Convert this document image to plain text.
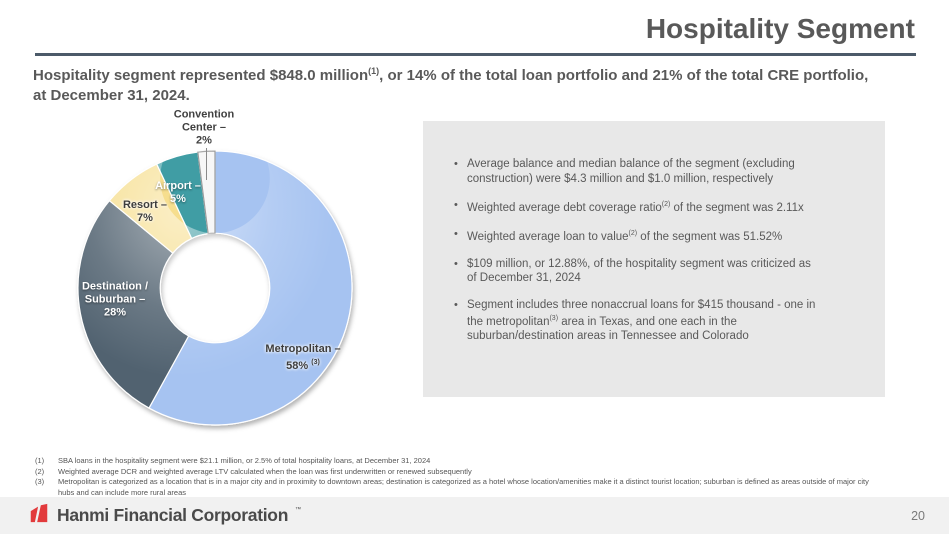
Hospitality Segment
Hospitality segment represented $848.0 million$^{(1)}$, or 14% of the total loan portfolio and 21% of the total CRE portfolio,
at December 31, 2024.
Convention
Center –
2%
Airport –
5%
Resort –
7%
Destination /
Suburban –
28%
Metropolitan –
58% $^{(3)}$
• Average balance and median balance of the segment (excluding
construction) were $4.3 million and $1.0 million, respectively
• Weighted average debt coverage ratio$^{(2)}$ of the segment was 2.11x
• Weighted average loan to value$^{(2)}$ of the segment was 51.52%
• $109 million, or 12.88%, of the hospitality segment was criticized as
of December 31, 2024
• Segment includes three nonaccrual loans for $415 thousand - one in
the metropolitan$^{(3)}$ area in Texas, and one each in the
suburban/destination areas in Tennessee and Colorado
(1)	SBA loans in the hospitality segment were $21.1 million, or 2.5% of total hospitality loans, at December 31, 2024
(2)	Weighted average DCR and weighted average LTV calculated when the loan was first underwritten or renewed subsequently
(3)	Metropolitan is categorized as a location that is in a major city and in proximity to downtown areas; destination is categorized as a hotel whose location/amenities make it a distinct tourist location; suburban is defined as areas outside of major city
hubs and can include more rural areas
Hanmi Financial Corporation ™	20
